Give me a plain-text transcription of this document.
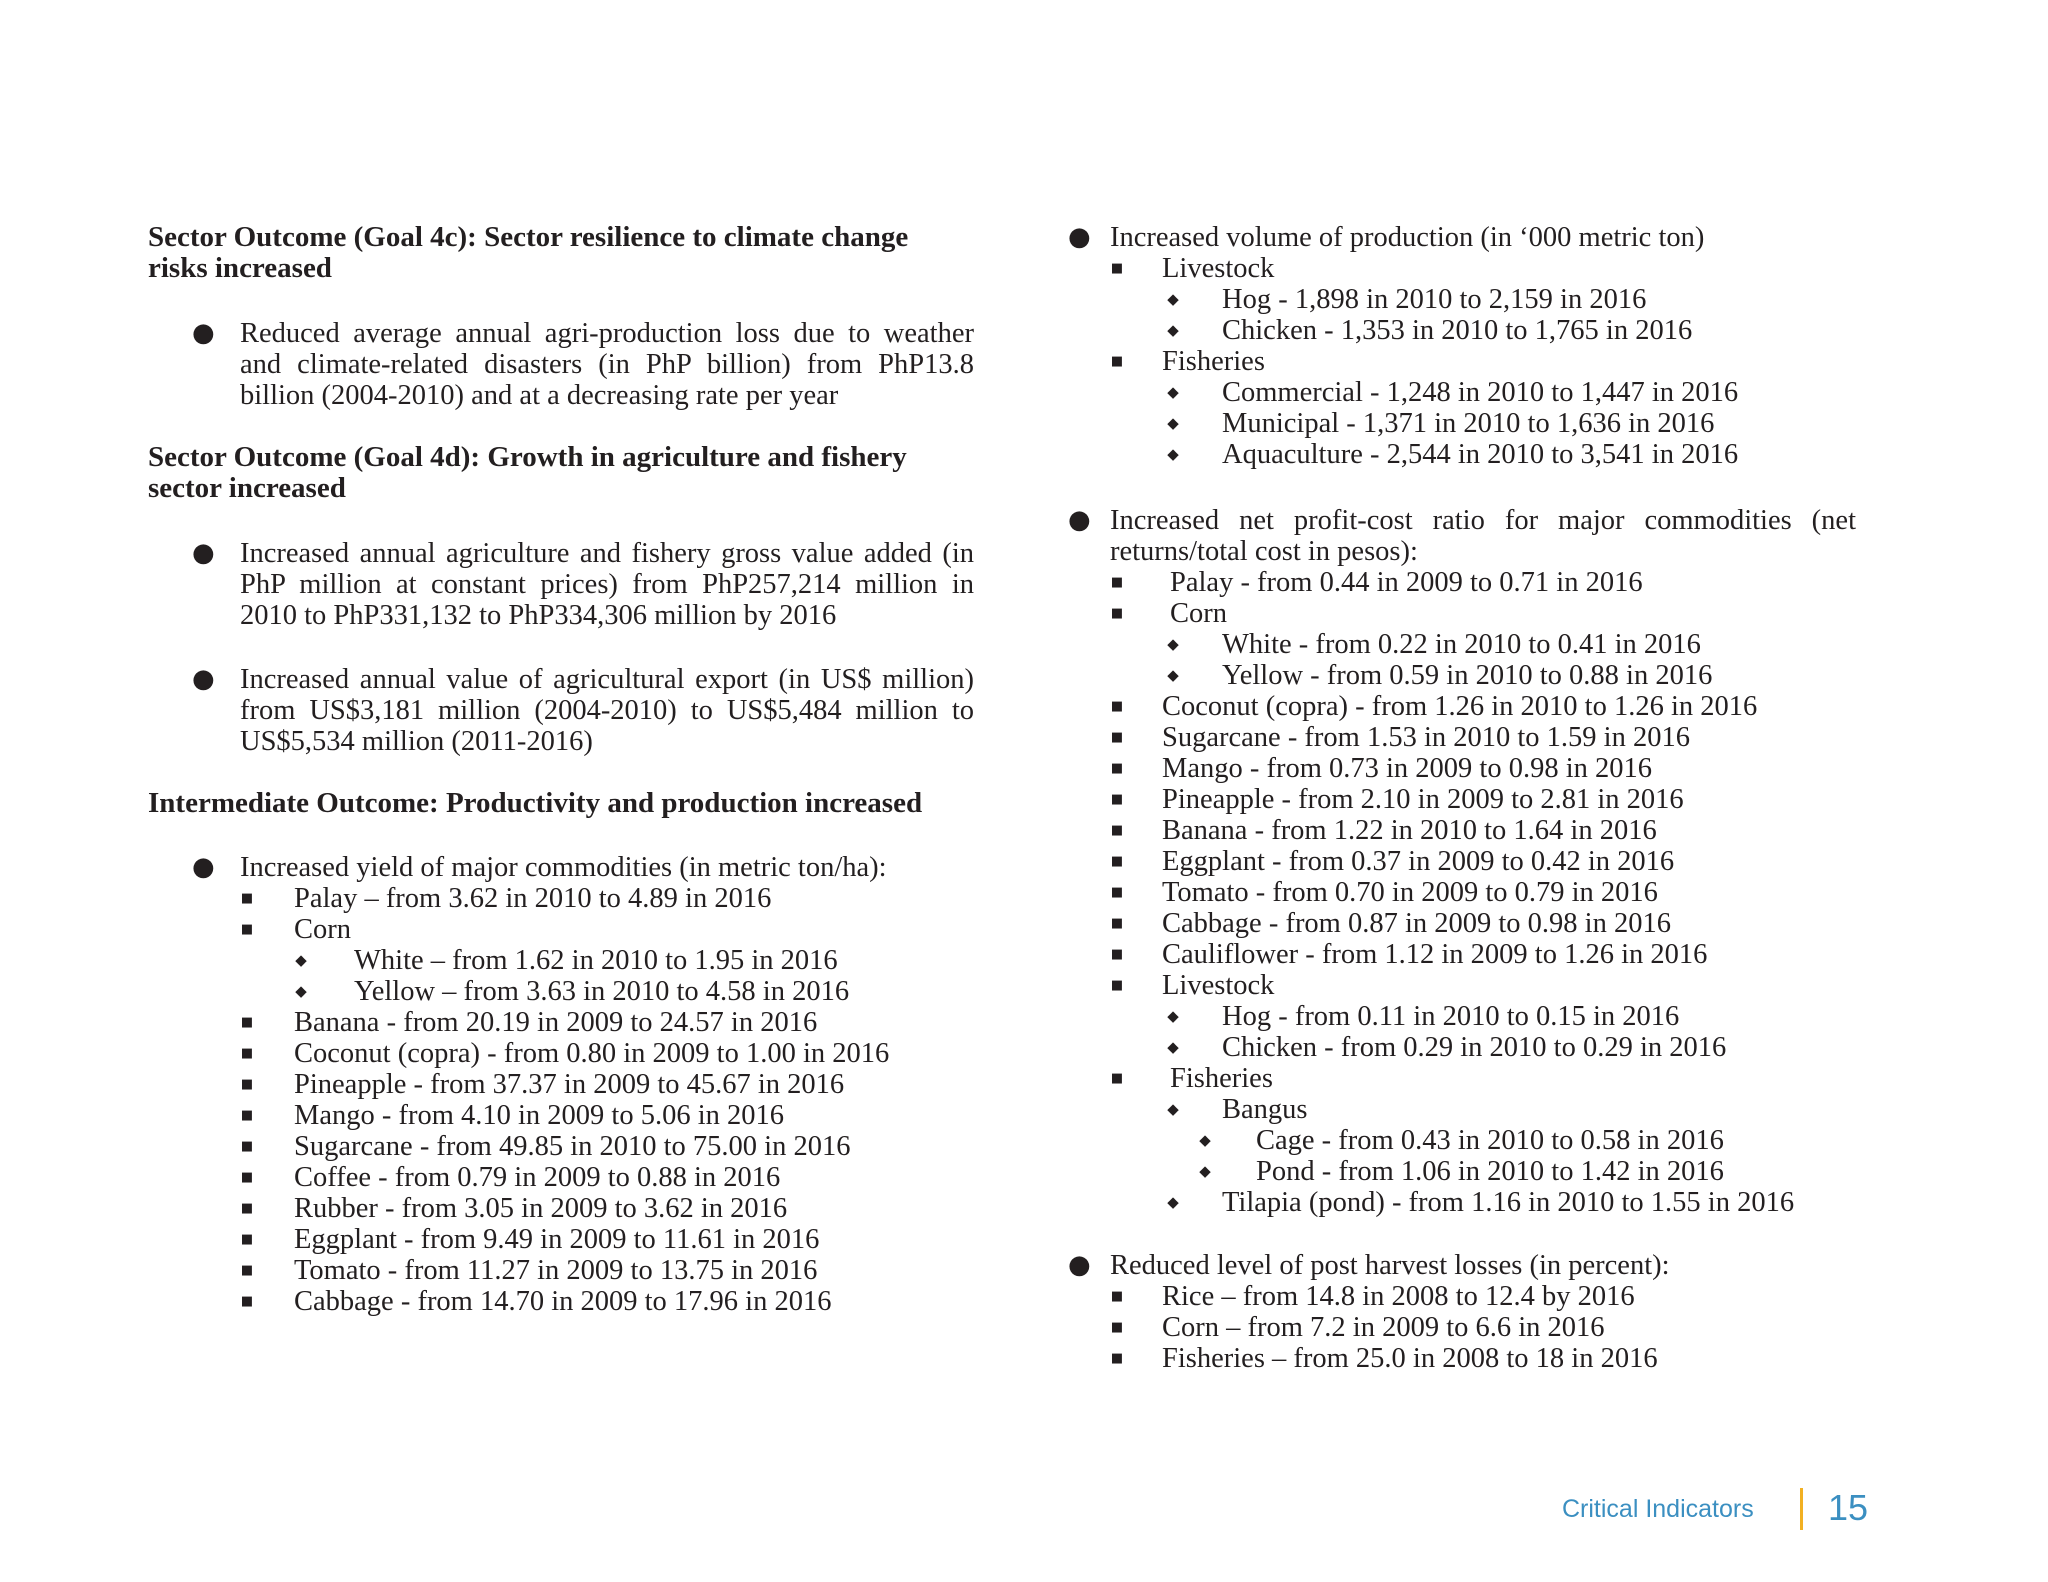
Sector Outcome (Goal 4c): Sector resilience to climate change risks increased
● Reduced average annual agri-production loss due to weather and climate-related disasters (in PhP billion) from PhP13.8 billion (2004-2010) and at a decreasing rate per year
Sector Outcome (Goal 4d): Growth in agriculture and fishery sector increased
● Increased annual agriculture and fishery gross value added (in PhP million at constant prices) from PhP257,214 million in 2010 to PhP331,132 to PhP334,306 million by 2016
● Increased annual value of agricultural export (in US$ million) from US$3,181 million (2004-2010) to US$5,484 million to US$5,534 million (2011-2016)
Intermediate Outcome: Productivity and production increased
● Increased yield of major commodities (in metric ton/ha):
■ Palay – from 3.62 in 2010 to 4.89 in 2016
■ Corn
◆ White – from 1.62 in 2010 to 1.95 in 2016
◆ Yellow – from 3.63 in 2010 to 4.58 in 2016
■ Banana - from 20.19 in 2009 to 24.57 in 2016
■ Coconut (copra) - from 0.80 in 2009 to 1.00 in 2016
■ Pineapple - from 37.37 in 2009 to 45.67 in 2016
■ Mango - from 4.10 in 2009 to 5.06 in 2016
■ Sugarcane - from 49.85 in 2010 to 75.00 in 2016
■ Coffee - from 0.79 in 2009 to 0.88 in 2016
■ Rubber - from 3.05 in 2009 to 3.62 in 2016
■ Eggplant - from 9.49 in 2009 to 11.61 in 2016
■ Tomato - from 11.27 in 2009 to 13.75 in 2016
■ Cabbage - from 14.70 in 2009 to 17.96 in 2016
● Increased volume of production (in ‘000 metric ton)
■ Livestock
◆ Hog - 1,898 in 2010 to 2,159 in 2016
◆ Chicken - 1,353 in 2010 to 1,765 in 2016
■ Fisheries
◆ Commercial - 1,248 in 2010 to 1,447 in 2016
◆ Municipal - 1,371 in 2010 to 1,636 in 2016
◆ Aquaculture - 2,544 in 2010 to 3,541 in 2016
● Increased net profit-cost ratio for major commodities (net returns/total cost in pesos):
■ Palay - from 0.44 in 2009 to 0.71 in 2016
■ Corn
◆ White - from 0.22 in 2010 to 0.41 in 2016
◆ Yellow - from 0.59 in 2010 to 0.88 in 2016
■ Coconut (copra) - from 1.26 in 2010 to 1.26 in 2016
■ Sugarcane - from 1.53 in 2010 to 1.59 in 2016
■ Mango - from 0.73 in 2009 to 0.98 in 2016
■ Pineapple - from 2.10 in 2009 to 2.81 in 2016
■ Banana - from 1.22 in 2010 to 1.64 in 2016
■ Eggplant - from 0.37 in 2009 to 0.42 in 2016
■ Tomato - from 0.70 in 2009 to 0.79 in 2016
■ Cabbage - from 0.87 in 2009 to 0.98 in 2016
■ Cauliflower - from 1.12 in 2009 to 1.26 in 2016
■ Livestock
◆ Hog - from 0.11 in 2010 to 0.15 in 2016
◆ Chicken - from 0.29 in 2010 to 0.29 in 2016
■ Fisheries
◆ Bangus
◆ Cage - from 0.43 in 2010 to 0.58 in 2016
◆ Pond - from 1.06 in 2010 to 1.42 in 2016
◆ Tilapia (pond) - from 1.16 in 2010 to 1.55 in 2016
● Reduced level of post harvest losses (in percent):
■ Rice – from 14.8 in 2008 to 12.4 by 2016
■ Corn – from 7.2 in 2009 to 6.6 in 2016
■ Fisheries – from 25.0 in 2008 to 18 in 2016
Critical Indicators 15
